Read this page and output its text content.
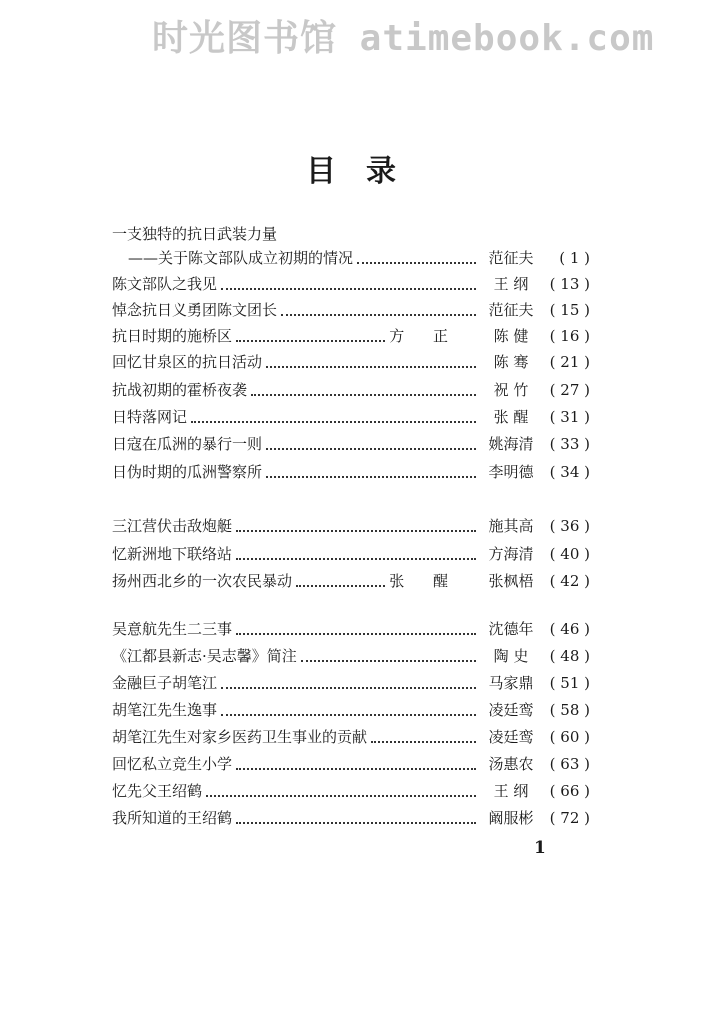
时光图书馆 atimebook.com
目录
一支独特的抗日武装力量
——关于陈文部队成立初期的情况	范征夫	( 1 )
陈文部队之我见	王 纲	( 13 )
悼念抗日义勇团陈文团长	范征夫	( 15 )
抗日时期的施桥区	方 正	陈 健	( 16 )
回忆甘泉区的抗日活动	陈 骞	( 21 )
抗战初期的霍桥夜袭	祝 竹	( 27 )
日特落网记	张 醒	( 31 )
日寇在瓜洲的暴行一则	姚海清	( 33 )
日伪时期的瓜洲警察所	李明德	( 34 )
三江营伏击敌炮艇	施其高	( 36 )
忆新洲地下联络站	方海清	( 40 )
扬州西北乡的一次农民暴动	张 醒	张枫梧	( 42 )
吴意航先生二三事	沈德年	( 46 )
《江都县新志·吴志馨》简注	陶 史	( 48 )
金融巨子胡笔江	马家鼎	( 51 )
胡笔江先生逸事	凌廷鸾	( 58 )
胡笔江先生对家乡医药卫生事业的贡献	凌廷鸾	( 60 )
回忆私立竞生小学	汤惠农	( 63 )
忆先父王绍鹤	王 纲	( 66 )
我所知道的王绍鹤	阚服彬	( 72 )
1
